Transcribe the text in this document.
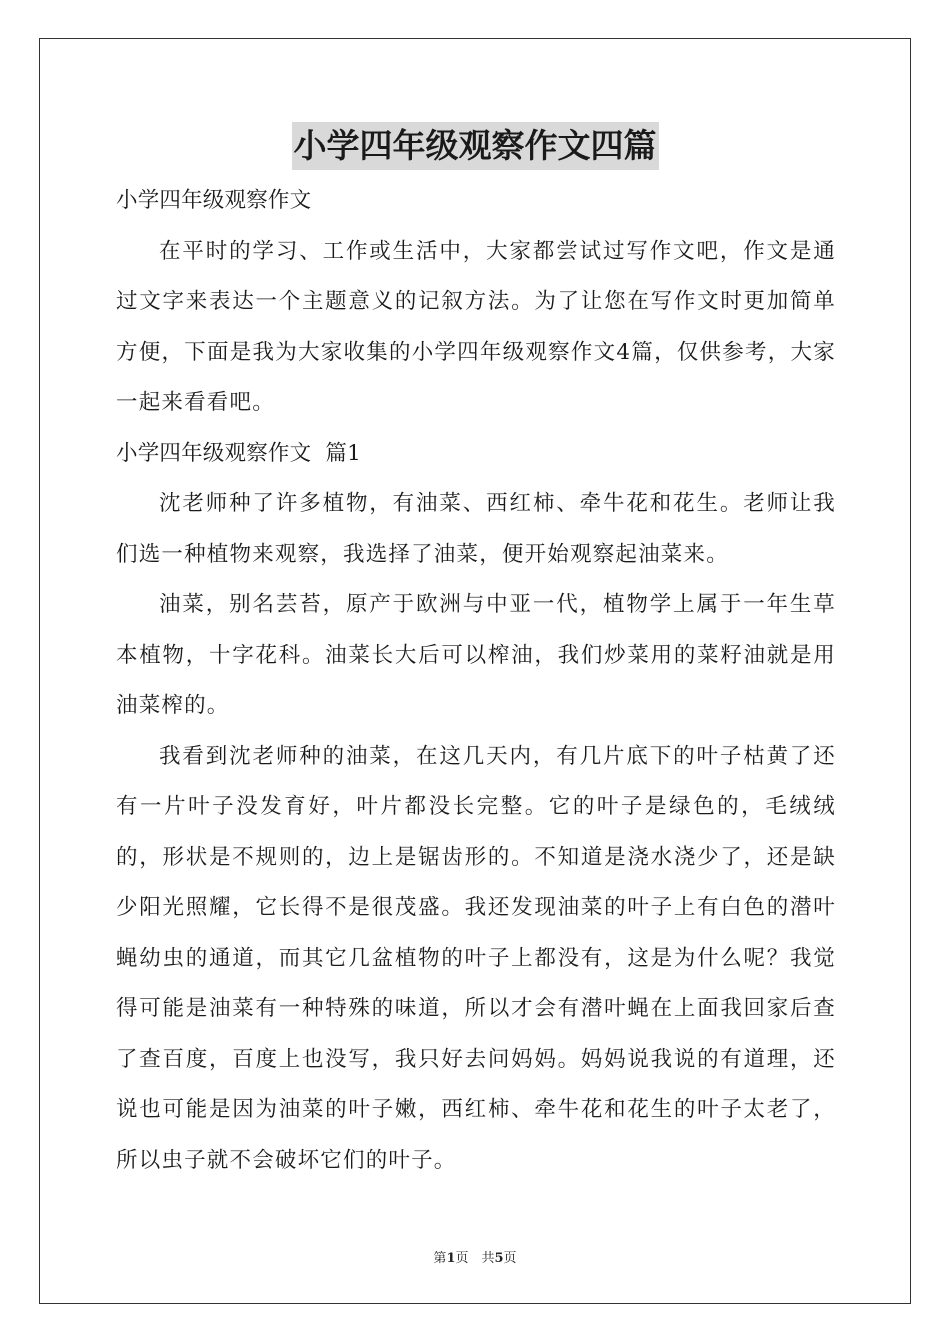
小学四年级观察作文四篇
小学四年级观察作文
在平时的学习、工作或生活中，大家都尝试过写作文吧，作文是通过文字来表达一个主题意义的记叙方法。为了让您在写作文时更加简单方便，下面是我为大家收集的小学四年级观察作文4篇，仅供参考，大家一起来看看吧。
小学四年级观察作文  篇1
沈老师种了许多植物，有油菜、西红柿、牵牛花和花生。老师让我们选一种植物来观察，我选择了油菜，便开始观察起油菜来。
油菜，别名芸苔，原产于欧洲与中亚一代，植物学上属于一年生草本植物，十字花科。油菜长大后可以榨油，我们炒菜用的菜籽油就是用油菜榨的。
我看到沈老师种的油菜，在这几天内，有几片底下的叶子枯黄了还有一片叶子没发育好，叶片都没长完整。它的叶子是绿色的，毛绒绒的，形状是不规则的，边上是锯齿形的。不知道是浇水浇少了，还是缺少阳光照耀，它长得不是很茂盛。我还发现油菜的叶子上有白色的潜叶蝇幼虫的通道，而其它几盆植物的叶子上都没有，这是为什么呢？我觉得可能是油菜有一种特殊的味道，所以才会有潜叶蝇在上面我回家后查了查百度，百度上也没写，我只好去问妈妈。妈妈说我说的有道理，还说也可能是因为油菜的叶子嫩，西红柿、牵牛花和花生的叶子太老了，所以虫子就不会破坏它们的叶子。
第1页　共5页
